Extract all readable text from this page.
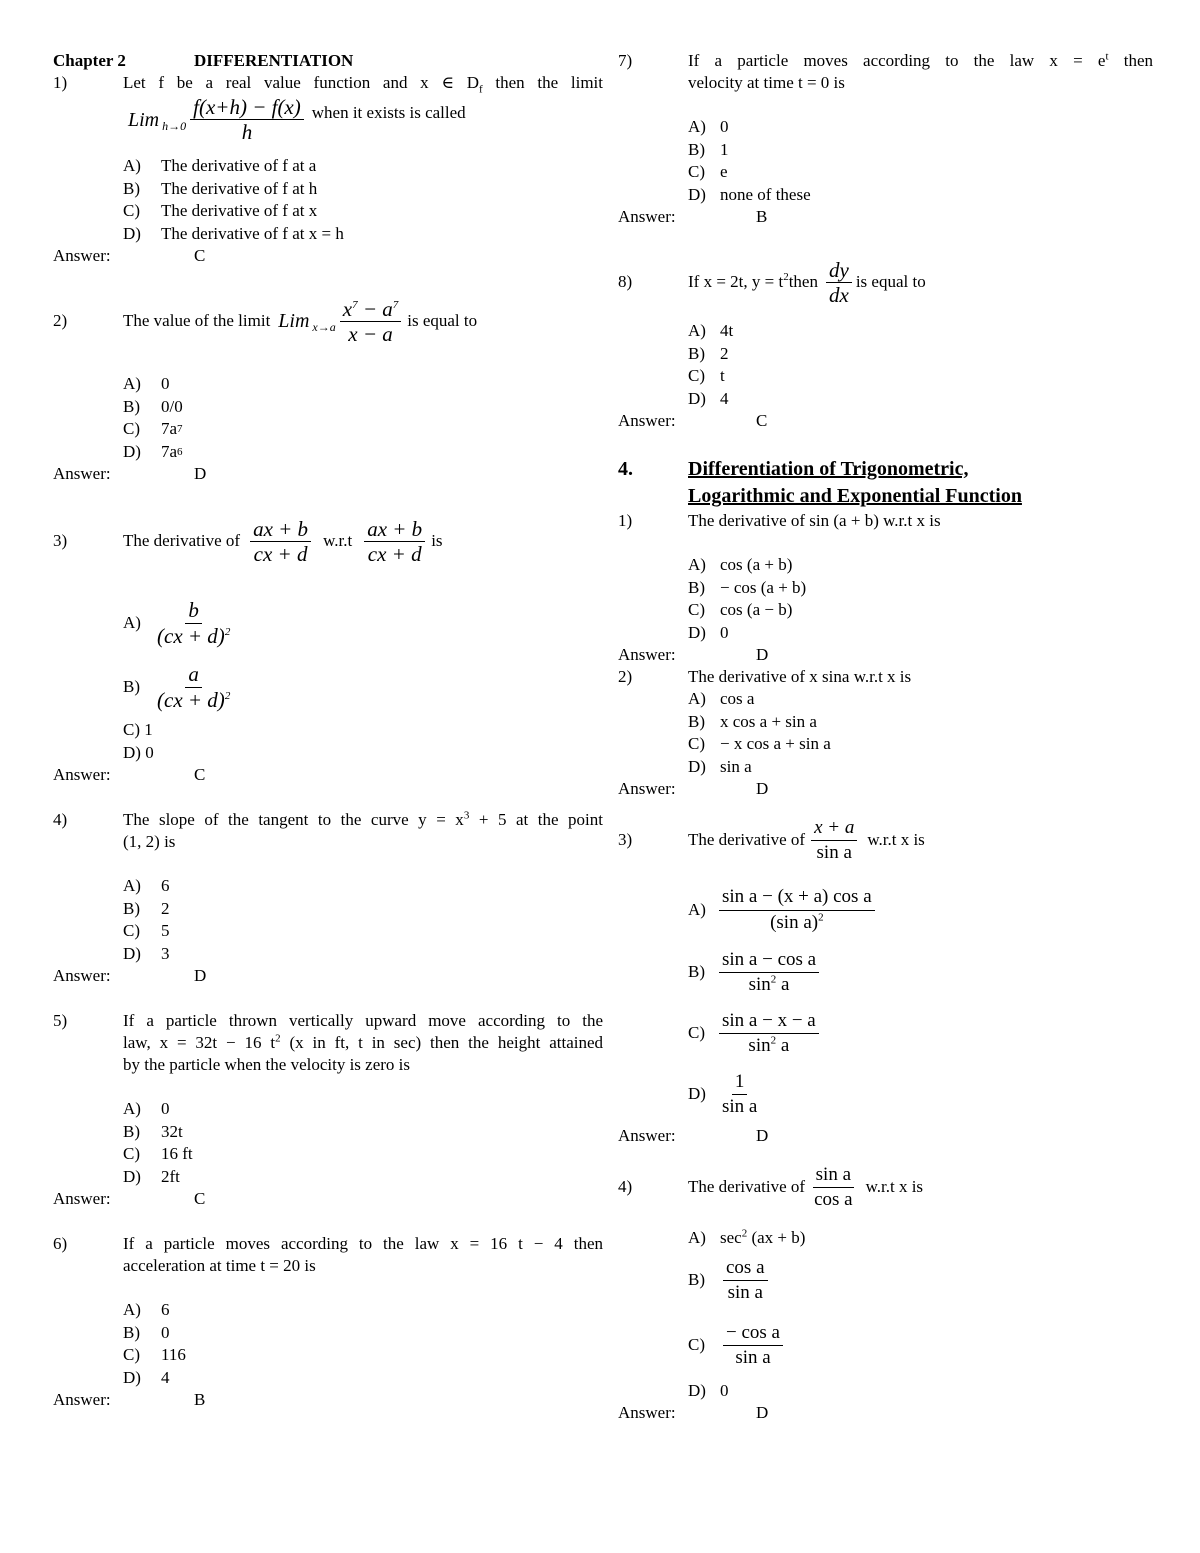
Chapter 2	DIFFERENTIATION
1)	Let f be a real value function and x ∈ $D_f$ then the limit
Lim $h\to 0 \frac{f(x+h) - f(x)}{h}$ when it exists is called
A)	The derivative of f at a
B)	The derivative of f at h
C)	The derivative of f at x
D)	The derivative of f at x = h
Answer:	C
2)	The value of the limit Lim $x\to a \frac{x^7 - a^7}{x - a}$ is equal to
A)	0
B)	0/0
C)	7a 7
D)	7a 6
Answer:	D
3)	The derivative of $\frac{ax + b}{cx + d} w.r.t \frac{ax + b}{cx + d}$ is
$A) \frac{b}{(cx + d)^2}$
$B) \frac{a}{(cx + d)^2}$
C) 1
D) 0
Answer:	C
4)	The slope of the tangent to the curve $y = x^3 + 5$ at the point
(1, 2) is
A)	6
B)	2
C)	5
D)	3
Answer:	D
5)	If a particle thrown vertically upward move according to the
law, x = 32t − 16 $t^2$ (x in ft, t in sec) then the height attained
by the particle when the velocity is zero is
A)	0
B)	32t
C)	16 ft
D)	2ft
Answer:	C
6)	If a particle moves according to the law x = 16 t − 4 then
acceleration at time t = 20 is
A)	6
B)	0
C)	116
D)	4
Answer:	B
7)	If a particle moves according to the law $x = e^t$ then
velocity at time t = 0 is
A) 0
B) 1
C) e
D) none of these
Answer:	B
8)	If x = 2t, $y = t^2$ then $\frac{dy}{dx}$ is equal to
A) 4t
B) 2
C) t
D) 4
Answer:	C
4.	Differentiation of Trigonometric,
Logarithmic and Exponential Function
1)	The derivative of sin (a + b) w.r.t x is
A) cos (a + b)
B) − cos (a + b)
C) cos (a − b)
D) 0
Answer:	D
2)	The derivative of x sina w.r.t x is
A) cos a
B) x cos a + sin a
C) − x cos a + sin a
D) sin a
Answer:	D
3)	The derivative of $\frac{x + a}{\text{sin a}} w.r.t$ x is
$A) \frac{\text{sin a − (x + a) cos a}}{(\sin a)^2}$
$B) \frac{\text{sin a − cos a}}{\sin^2 a}$
$C) \frac{\text{sin a − x − a}}{\sin^2 a}$
$D) \frac{1}{\text{sin a}}$
Answer:	D
4)	The derivative of $\frac{\text{sin a}}{\text{cos a}} w.r.t$ x is
A) $\sec^2 (ax + b)$
$B) \frac{\text{cos a}}{\text{sin a}}$
$C) \frac{\text{− cos a}}{\text{sin a}}$
D) 0
Answer:	D
